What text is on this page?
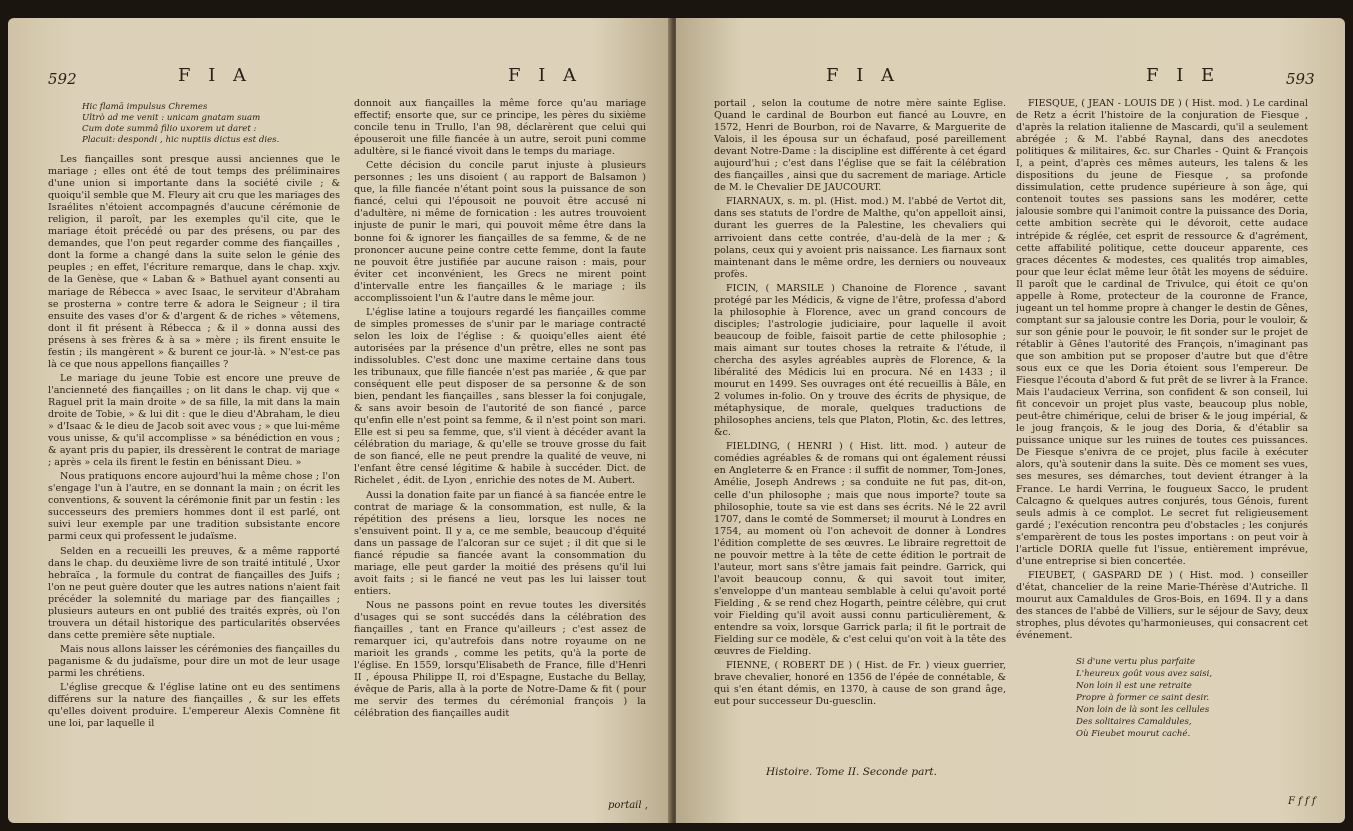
592	F I A	F I A
Hic flamā impulsus Chremes
Ultrò ad me venit : unicam gnatam suam
Cum dote summâ filio uxorem ut daret :
Placuit: despondi , hic nuptiis dictus est dies.

Les fiançailles sont presque aussi anciennes que le mariage ; elles ont été de tout temps des préliminaires d'une union si importante dans la société civile ; & quoiqu'il semble que M. Fleury ait cru que les mariages des Israélites n'étoient accompagnés d'aucune cérémonie de religion, il paroît, par les exemples qu'il cite, que le mariage étoit précédé ou par des présens, ou par des demandes, que l'on peut regarder comme des fiançailles , dont la forme a changé dans la suite selon le génie des peuples ; en effet, l'écriture remarque, dans le chap. xxjv. de la Genèse, que « Laban & » Bathuel ayant consenti au mariage de Rébecca » avec Isaac, le serviteur d'Abraham se prosterna » contre terre & adora le Seigneur ; il tira ensuite des vases d'or & d'argent & de riches » vêtemens, dont il fit présent à Rébecca ; & il » donna aussi des présens à ses frères & à sa » mère ; ils firent ensuite le festin ; ils mangèrent » & burent ce jour-là. » N'est-ce pas là ce que nous appellons fiançailles ?

Le mariage du jeune Tobie est encore une preuve de l'ancienneté des fiançailles ; on lit dans le chap. vij que « Raguel prit la main droite » de sa fille, la mit dans la main droite de Tobie, » & lui dit : que le dieu d'Abraham, le dieu » d'Isaac & le dieu de Jacob soit avec vous ; » que lui-même vous unisse, & qu'il accomplisse » sa bénédiction en vous ; & ayant pris du papier, ils dressèrent le contrat de mariage ; après » cela ils firent le festin en bénissant Dieu. »

Nous pratiquons encore aujourd'hui la même chose ; l'on s'engage l'un à l'autre, en se donnant la main ; on écrit les conventions, & souvent la cérémonie finit par un festin : les successeurs des premiers hommes dont il est parlé, ont suivi leur exemple par une tradition subsistante encore parmi ceux qui professent le judaïsme.

Selden en a recueilli les preuves, & a même rapporté dans le chap. du deuxième livre de son traité intitulé , Uxor hebraïca , la formule du contrat de fiançailles des Juifs ; l'on ne peut guère douter que les autres nations n'aient fait précéder la solemnité du mariage par des fiançailles ; plusieurs auteurs en ont publié des traités exprès, où l'on trouvera un détail historique des particularités observées dans cette première sête nuptiale.

Mais nous allons laisser les cérémonies des fiançailles du paganisme & du judaïsme, pour dire un mot de leur usage parmi les chrétiens.

L'église grecque & l'église latine ont eu des sentimens différens sur la nature des fiançailles , & sur les effets qu'elles doivent produire. L'empereur Alexis Comnène fit une loi, par laquelle il

donnoit aux fiançailles la même force qu'au mariage effectif; ensorte que, sur ce principe, les pères du sixième concile tenu in Trullo, l'an 98, déclarèrent que celui qui épouseroit une fille fiancée à un autre, seroit puni comme adultère, si le fiancé vivoit dans le temps du mariage.

Cette décision du concile parut injuste à plusieurs personnes ; les uns disoient ( au rapport de Balsamon ) que, la fille fiancée n'étant point sous la puissance de son fiancé, celui qui l'épousoit ne pouvoit être accusé ni d'adultère, ni même de fornication : les autres trouvoient injuste de punir le mari, qui pouvoit même être dans la bonne foi & ignorer les fiançailles de sa femme, & de ne prononcer aucune peine contre cette femme, dont la faute ne pouvoit être justifiée par aucune raison : mais, pour éviter cet inconvénient, les Grecs ne mirent point d'intervalle entre les fiançailles & le mariage ; ils accomplissoient l'un & l'autre dans le même jour.

L'église latine a toujours regardé les fiançailles comme de simples promesses de s'unir par le mariage contracté selon les loix de l'église : & quoiqu'elles aient été autorisées par la présence d'un prêtre, elles ne sont pas indissolubles. C'est donc une maxime certaine dans tous les tribunaux, que fille fiancée n'est pas mariée , & que par conséquent elle peut disposer de sa personne & de son bien, pendant les fiançailles , sans blesser la foi conjugale, & sans avoir besoin de l'autorité de son fiancé , parce qu'enfin elle n'est point sa femme, & il n'est point son mari. Elle est si peu sa femme, que, s'il vient à décéder avant la célébration du mariage, & qu'elle se trouve grosse du fait de son fiancé, elle ne peut prendre la qualité de veuve, ni l'enfant être censé légitime & habile à succéder. Dict. de Richelet , édit. de Lyon , enrichie des notes de M. Aubert.

Aussi la donation faite par un fiancé à sa fiancée entre le contrat de mariage & la consommation, est nulle, & la répétition des présens a lieu, lorsque les noces ne s'ensuivent point. Il y a, ce me semble, beaucoup d'équité dans un passage de l'alcoran sur ce sujet ; il dit que si le fiancé répudie sa fiancée avant la consommation du mariage, elle peut garder la moitié des présens qu'il lui avoit faits ; si le fiancé ne veut pas les lui laisser tout entiers.

Nous ne passons point en revue toutes les diversités d'usages qui se sont succédés dans la célébration des fiançailles , tant en France qu'ailleurs ; c'est assez de remarquer ici, qu'autrefois dans notre royaume on ne marioit les grands , comme les petits, qu'à la porte de l'église. En 1559, lorsqu'Elisabeth de France, fille d'Henri II , épousa Philippe II, roi d'Espagne, Eustache du Bellay, évêque de Paris, alla à la porte de Notre-Dame & fit ( pour me servir des termes du cérémonial françois ) la célébration des fiançailles audit

portail ,
F I A	F I E	593

portail , selon la coutume de notre mère sainte Eglise. Quand le cardinal de Bourbon eut fiancé au Louvre, en 1572, Henri de Bourbon, roi de Navarre, & Marguerite de Valois, il les épousa sur un échafaud, posé pareillement devant Notre-Dame : la discipline est différente à cet égard aujourd'hui ; c'est dans l'église que se fait la célébration des fiançailles , ainsi que du sacrement de mariage. Article de M. le Chevalier DE JAUCOURT.

FIARNAUX, s. m. pl. (Hist. mod.) M. l'abbé de Vertot dit, dans ses statuts de l'ordre de Malthe, qu'on appelloit ainsi, durant les guerres de la Palestine, les chevaliers qui arrivoient dans cette contrée, d'au-delà de la mer ; & polans, ceux qui y avoient pris naissance. Les fiarnaux sont maintenant dans le même ordre, les derniers ou nouveaux profès.

FICIN, ( MARSILE ) Chanoine de Florence , savant protégé par les Médicis, & vigne de l'être, professa d'abord la philosophie à Florence, avec un grand concours de disciples; l'astrologie judiciaire, pour laquelle il avoit beaucoup de foible, faisoit partie de cette philosophie ; mais aimant sur toutes choses la retraite & l'étude, il chercha des asyles agréables auprès de Florence, & la libéralité des Médicis lui en procura. Né en 1433 ; il mourut en 1499. Ses ouvrages ont été recueillis à Bâle, en 2 volumes in-folio. On y trouve des écrits de physique, de métaphysique, de morale, quelques traductions de philosophes anciens, tels que Platon, Plotin, &c. des lettres, &c.

FIELDING, ( HENRI ) ( Hist. litt. mod. ) auteur de comédies agréables & de romans qui ont également réussi en Angleterre & en France : il suffit de nommer, Tom-Jones, Amélie, Joseph Andrews ; sa conduite ne fut pas, dit-on, celle d'un philosophe ; mais que nous importe? toute sa philosophie, toute sa vie est dans ses écrits. Né le 22 avril 1707, dans le comté de Sommerset; il mourut à Londres en 1754, au moment où l'on achevoit de donner à Londres l'édition complette de ses œuvres. Le libraire regrettoit de ne pouvoir mettre à la tête de cette édition le portrait de l'auteur, mort sans s'être jamais fait peindre. Garrick, qui l'avoit beaucoup connu, & qui savoit tout imiter, s'enveloppe d'un manteau semblable à celui qu'avoit porté Fielding , & se rend chez Hogarth, peintre célèbre, qui crut voir Fielding qu'il avoit aussi connu particulièrement, & entendre sa voix, lorsque Garrick parla; il fit le portrait de Fielding sur ce modèle, & c'est celui qu'on voit à la tête des œuvres de Fielding.

FIENNE, ( ROBERT DE ) ( Hist. de Fr. ) vieux guerrier, brave chevalier, honoré en 1356 de l'épée de connétable, & qui s'en étant démis, en 1370, à cause de son grand âge, eut pour successeur Du-guesclin.

Histoire. Tome II. Seconde part.

FIESQUE, ( JEAN - LOUIS DE ) ( Hist. mod. ) Le cardinal de Retz a écrit l'histoire de la conjuration de Fiesque , d'après la relation italienne de Mascardi, qu'il a seulement abrégée ; & M. l'abbé Raynal, dans des anecdotes politiques & militaires, &c. sur Charles - Quint & François I, a peint, d'après ces mêmes auteurs, les talens & les dispositions du jeune de Fiesque , sa profonde dissimulation, cette prudence supérieure à son âge, qui contenoit toutes ses passions sans les modérer, cette jalousie sombre qui l'animoit contre la puissance des Doria, cette ambition secrète qui le dévoroit, cette audace intrépide & réglée, cet esprit de ressource & d'agrément, cette affabilité politique, cette douceur apparente, ces graces décentes & modestes, ces qualités trop aimables, pour que leur éclat même leur ôtât les moyens de séduire. Il paroît que le cardinal de Trivulce, qui étoit ce qu'on appelle à Rome, protecteur de la couronne de France, jugeant un tel homme propre à changer le destin de Gênes, comptant sur sa jalousie contre les Doria, pour le vouloir, & sur son génie pour le pouvoir, le fit sonder sur le projet de rétablir à Gênes l'autorité des François, n'imaginant pas que son ambition put se proposer d'autre but que d'être sous eux ce que les Doria étoient sous l'empereur. De Fiesque l'écouta d'abord & fut prêt de se livrer à la France. Mais l'audacieux Verrina, son confident & son conseil, lui fit concevoir un projet plus vaste, beaucoup plus noble, peut-être chimérique, celui de briser & le joug impérial, & le joug françois, & le joug des Doria, & d'établir sa puissance unique sur les ruines de toutes ces puissances. De Fiesque s'enivra de ce projet, plus facile à exécuter alors, qu'à soutenir dans la suite. Dès ce moment ses vues, ses mesures, ses démarches, tout devient étranger à la France. Le hardi Verrina, le fougueux Sacco, le prudent Calcagno & quelques autres conjurés, tous Génois, furent seuls admis à ce complot. Le secret fut religieusement gardé ; l'exécution rencontra peu d'obstacles ; les conjurés s'emparèrent de tous les postes importans : on peut voir à l'article DORIA quelle fut l'issue, entièrement imprévue, d'une entreprise si bien concertée.

FIEUBET, ( GASPARD DE ) ( Hist. mod. ) conseiller d'état, chancelier de la reine Marie-Thérèse d'Autriche. Il mourut aux Camaldules de Gros-Bois, en 1694. Il y a dans des stances de l'abbé de Villiers, sur le séjour de Savy, deux strophes, plus dévotes qu'harmonieuses, qui consacrent cet événement.

Si d'une vertu plus parfaite
L'heureux goût vous avez saisi,
Non loin il est une retraite
Propre à former ce saint desir.
Non loin de là sont les cellules
Des solitaires Camaldules,
Où Fieubet mourut caché.
F f f f
